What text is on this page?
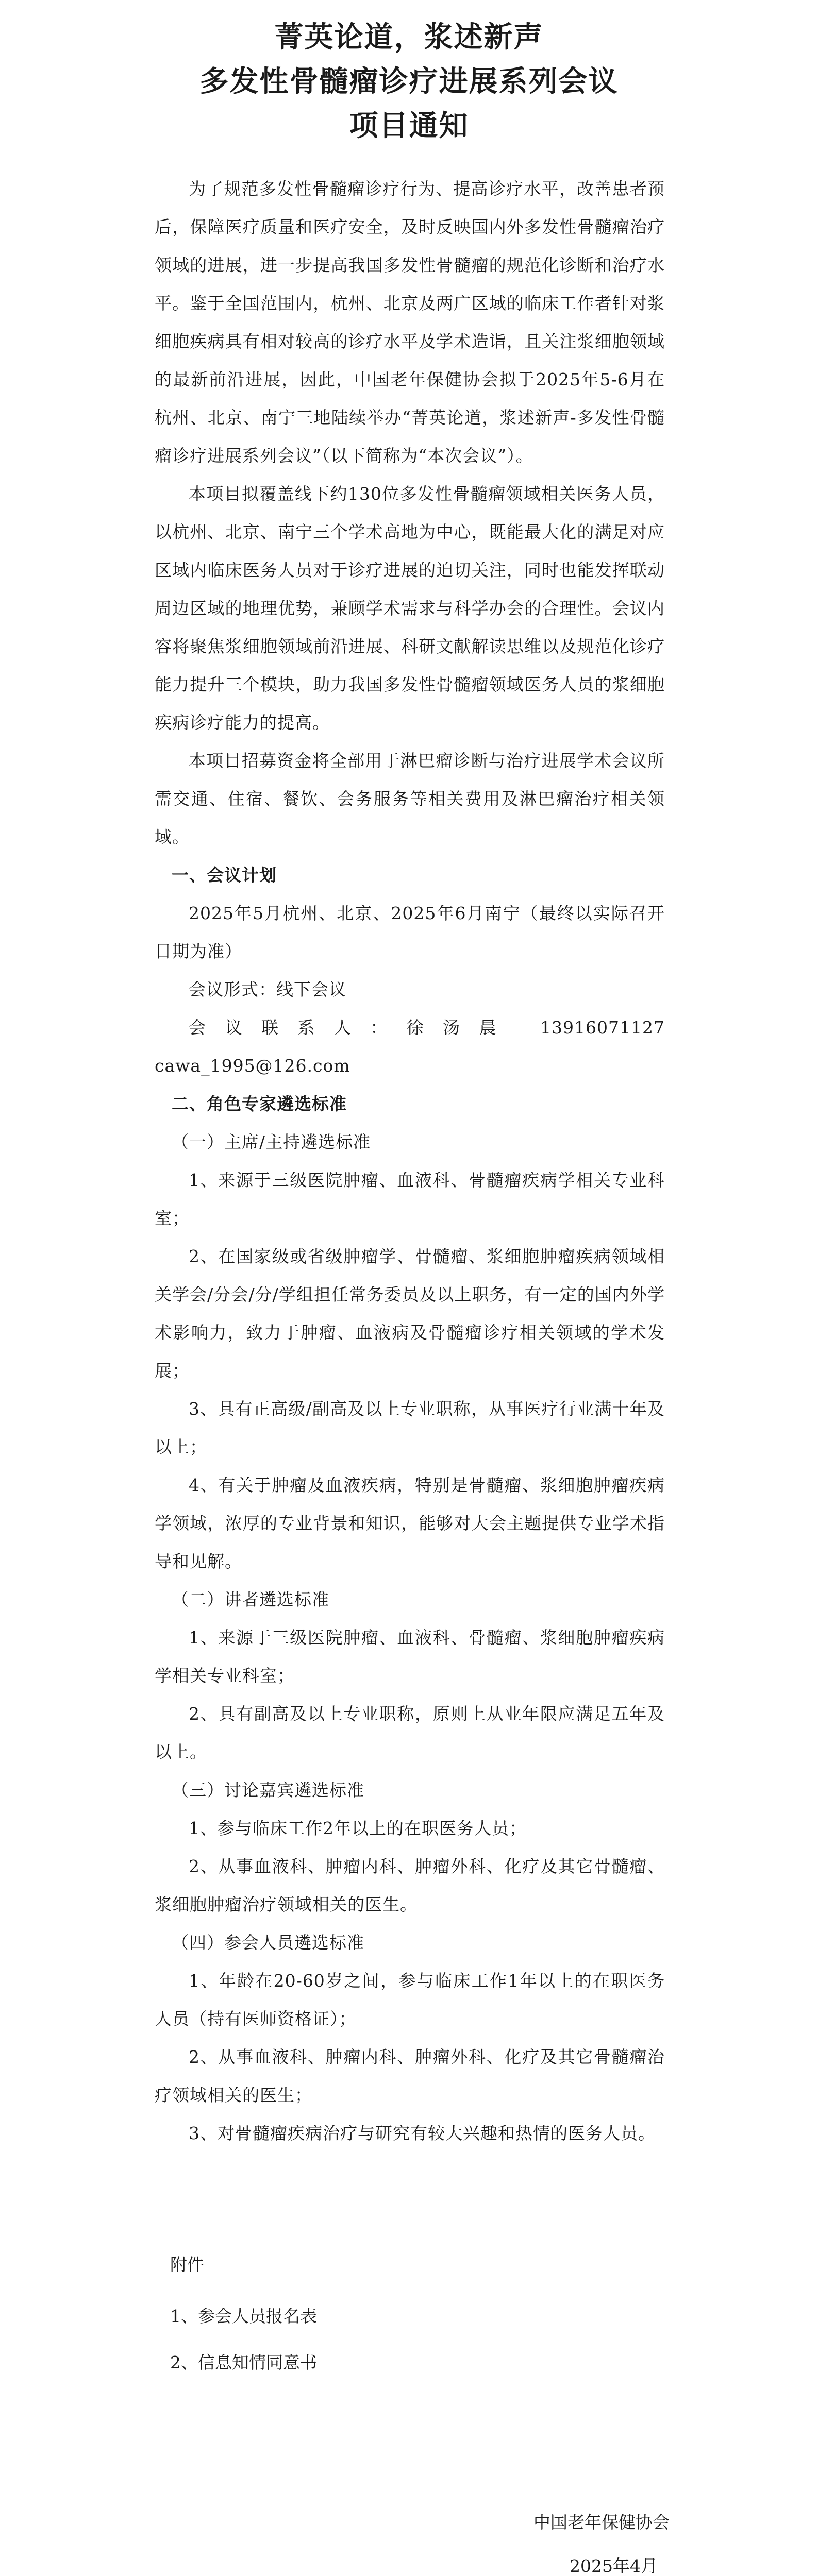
菁英论道，浆述新声
多发性骨髓瘤诊疗进展系列会议
项目通知

为了规范多发性骨髓瘤诊疗行为、提高诊疗水平，改善患者预后，保障医疗质量和医疗安全，及时反映国内外多发性骨髓瘤治疗领域的进展，进一步提高我国多发性骨髓瘤的规范化诊断和治疗水平。鉴于全国范围内，杭州、北京及两广区域的临床工作者针对浆细胞疾病具有相对较高的诊疗水平及学术造诣，且关注浆细胞领域的最新前沿进展，因此，中国老年保健协会拟于2025年5-6月在杭州、北京、南宁三地陆续举办“菁英论道，浆述新声-多发性骨髓瘤诊疗进展系列会议”（以下简称为“本次会议”）。

本项目拟覆盖线下约130位多发性骨髓瘤领域相关医务人员，以杭州、北京、南宁三个学术高地为中心，既能最大化的满足对应区域内临床医务人员对于诊疗进展的迫切关注，同时也能发挥联动周边区域的地理优势，兼顾学术需求与科学办会的合理性。会议内容将聚焦浆细胞领域前沿进展、科研文献解读思维以及规范化诊疗能力提升三个模块，助力我国多发性骨髓瘤领域医务人员的浆细胞疾病诊疗能力的提高。

本项目招募资金将全部用于淋巴瘤诊断与治疗进展学术会议所需交通、住宿、餐饮、会务服务等相关费用及淋巴瘤治疗相关领域。

一、会议计划

2025年5月杭州、北京、2025年6月南宁（最终以实际召开日期为准）

会议形式：线下会议

会议联系人：徐汤晨 13916071127 cawa_1995@126.com

二、角色专家遴选标准

（一）主席/主持遴选标准

1、来源于三级医院肿瘤、血液科、骨髓瘤疾病学相关专业科室；

2、在国家级或省级肿瘤学、骨髓瘤、浆细胞肿瘤疾病领域相关学会/分会/分/学组担任常务委员及以上职务，有一定的国内外学术影响力，致力于肿瘤、血液病及骨髓瘤诊疗相关领域的学术发展；

3、具有正高级/副高及以上专业职称，从事医疗行业满十年及以上；

4、有关于肿瘤及血液疾病，特别是骨髓瘤、浆细胞肿瘤疾病学领域，浓厚的专业背景和知识，能够对大会主题提供专业学术指导和见解。

（二）讲者遴选标准

1、来源于三级医院肿瘤、血液科、骨髓瘤、浆细胞肿瘤疾病学相关专业科室；

2、具有副高及以上专业职称，原则上从业年限应满足五年及以上。

（三）讨论嘉宾遴选标准

1、参与临床工作2年以上的在职医务人员；

2、从事血液科、肿瘤内科、肿瘤外科、化疗及其它骨髓瘤、浆细胞肿瘤治疗领域相关的医生。

（四）参会人员遴选标准

1、年龄在20-60岁之间，参与临床工作1年以上的在职医务人员（持有医师资格证）；

2、从事血液科、肿瘤内科、肿瘤外科、化疗及其它骨髓瘤治疗领域相关的医生；

3、对骨髓瘤疾病治疗与研究有较大兴趣和热情的医务人员。

附件
1、参会人员报名表
2、信息知情同意书
中国老年保健协会
2025年4月
